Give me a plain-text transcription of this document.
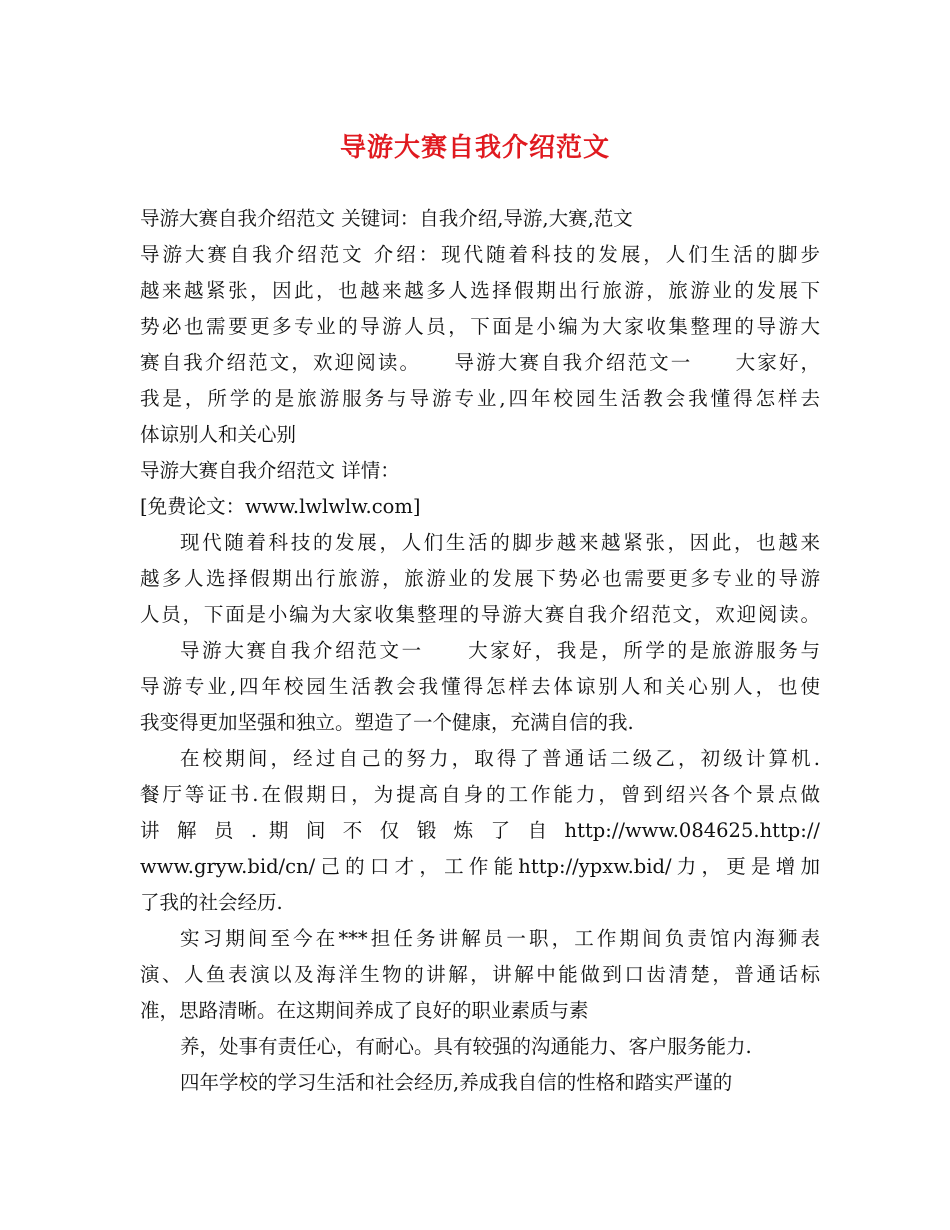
导游大赛自我介绍范文
导游大赛自我介绍范文 关键词：自我介绍,导游,大赛,范文
导游大赛自我介绍范文 介绍：现代随着科技的发展，人们生活的脚步
越来越紧张，因此，也越来越多人选择假期出行旅游，旅游业的发展下
势必也需要更多专业的导游人员，下面是小编为大家收集整理的导游大
赛自我介绍范文，欢迎阅读。　　导游大赛自我介绍范文一　　大家好，
我是，所学的是旅游服务与导游专业,四年校园生活教会我懂得怎样去
体谅别人和关心别
导游大赛自我介绍范文 详情：
[免费论文：www.lwlwlw.com]
现代随着科技的发展，人们生活的脚步越来越紧张，因此，也越来
越多人选择假期出行旅游，旅游业的发展下势必也需要更多专业的导游
人员，下面是小编为大家收集整理的导游大赛自我介绍范文，欢迎阅读。
导游大赛自我介绍范文一　　大家好，我是，所学的是旅游服务与
导游专业,四年校园生活教会我懂得怎样去体谅别人和关心别人，也使
我变得更加坚强和独立。塑造了一个健康，充满自信的我.
在校期间，经过自己的努力，取得了普通话二级乙，初级计算机.
餐厅等证书.在假期日，为提高自身的工作能力，曾到绍兴各个景点做
讲 解 员 . 期 间 不 仅 锻 炼 了 自 http://www.084625.http://
www.gryw.bid/cn/己的口才，工作能http://ypxw.bid/力，更是增加
了我的社会经历.
实习期间至今在***担任务讲解员一职，工作期间负责馆内海狮表
演、人鱼表演以及海洋生物的讲解，讲解中能做到口齿清楚，普通话标
准，思路清晰。在这期间养成了良好的职业素质与素
养，处事有责任心，有耐心。具有较强的沟通能力、客户服务能力.
四年学校的学习生活和社会经历,养成我自信的性格和踏实严谨的
